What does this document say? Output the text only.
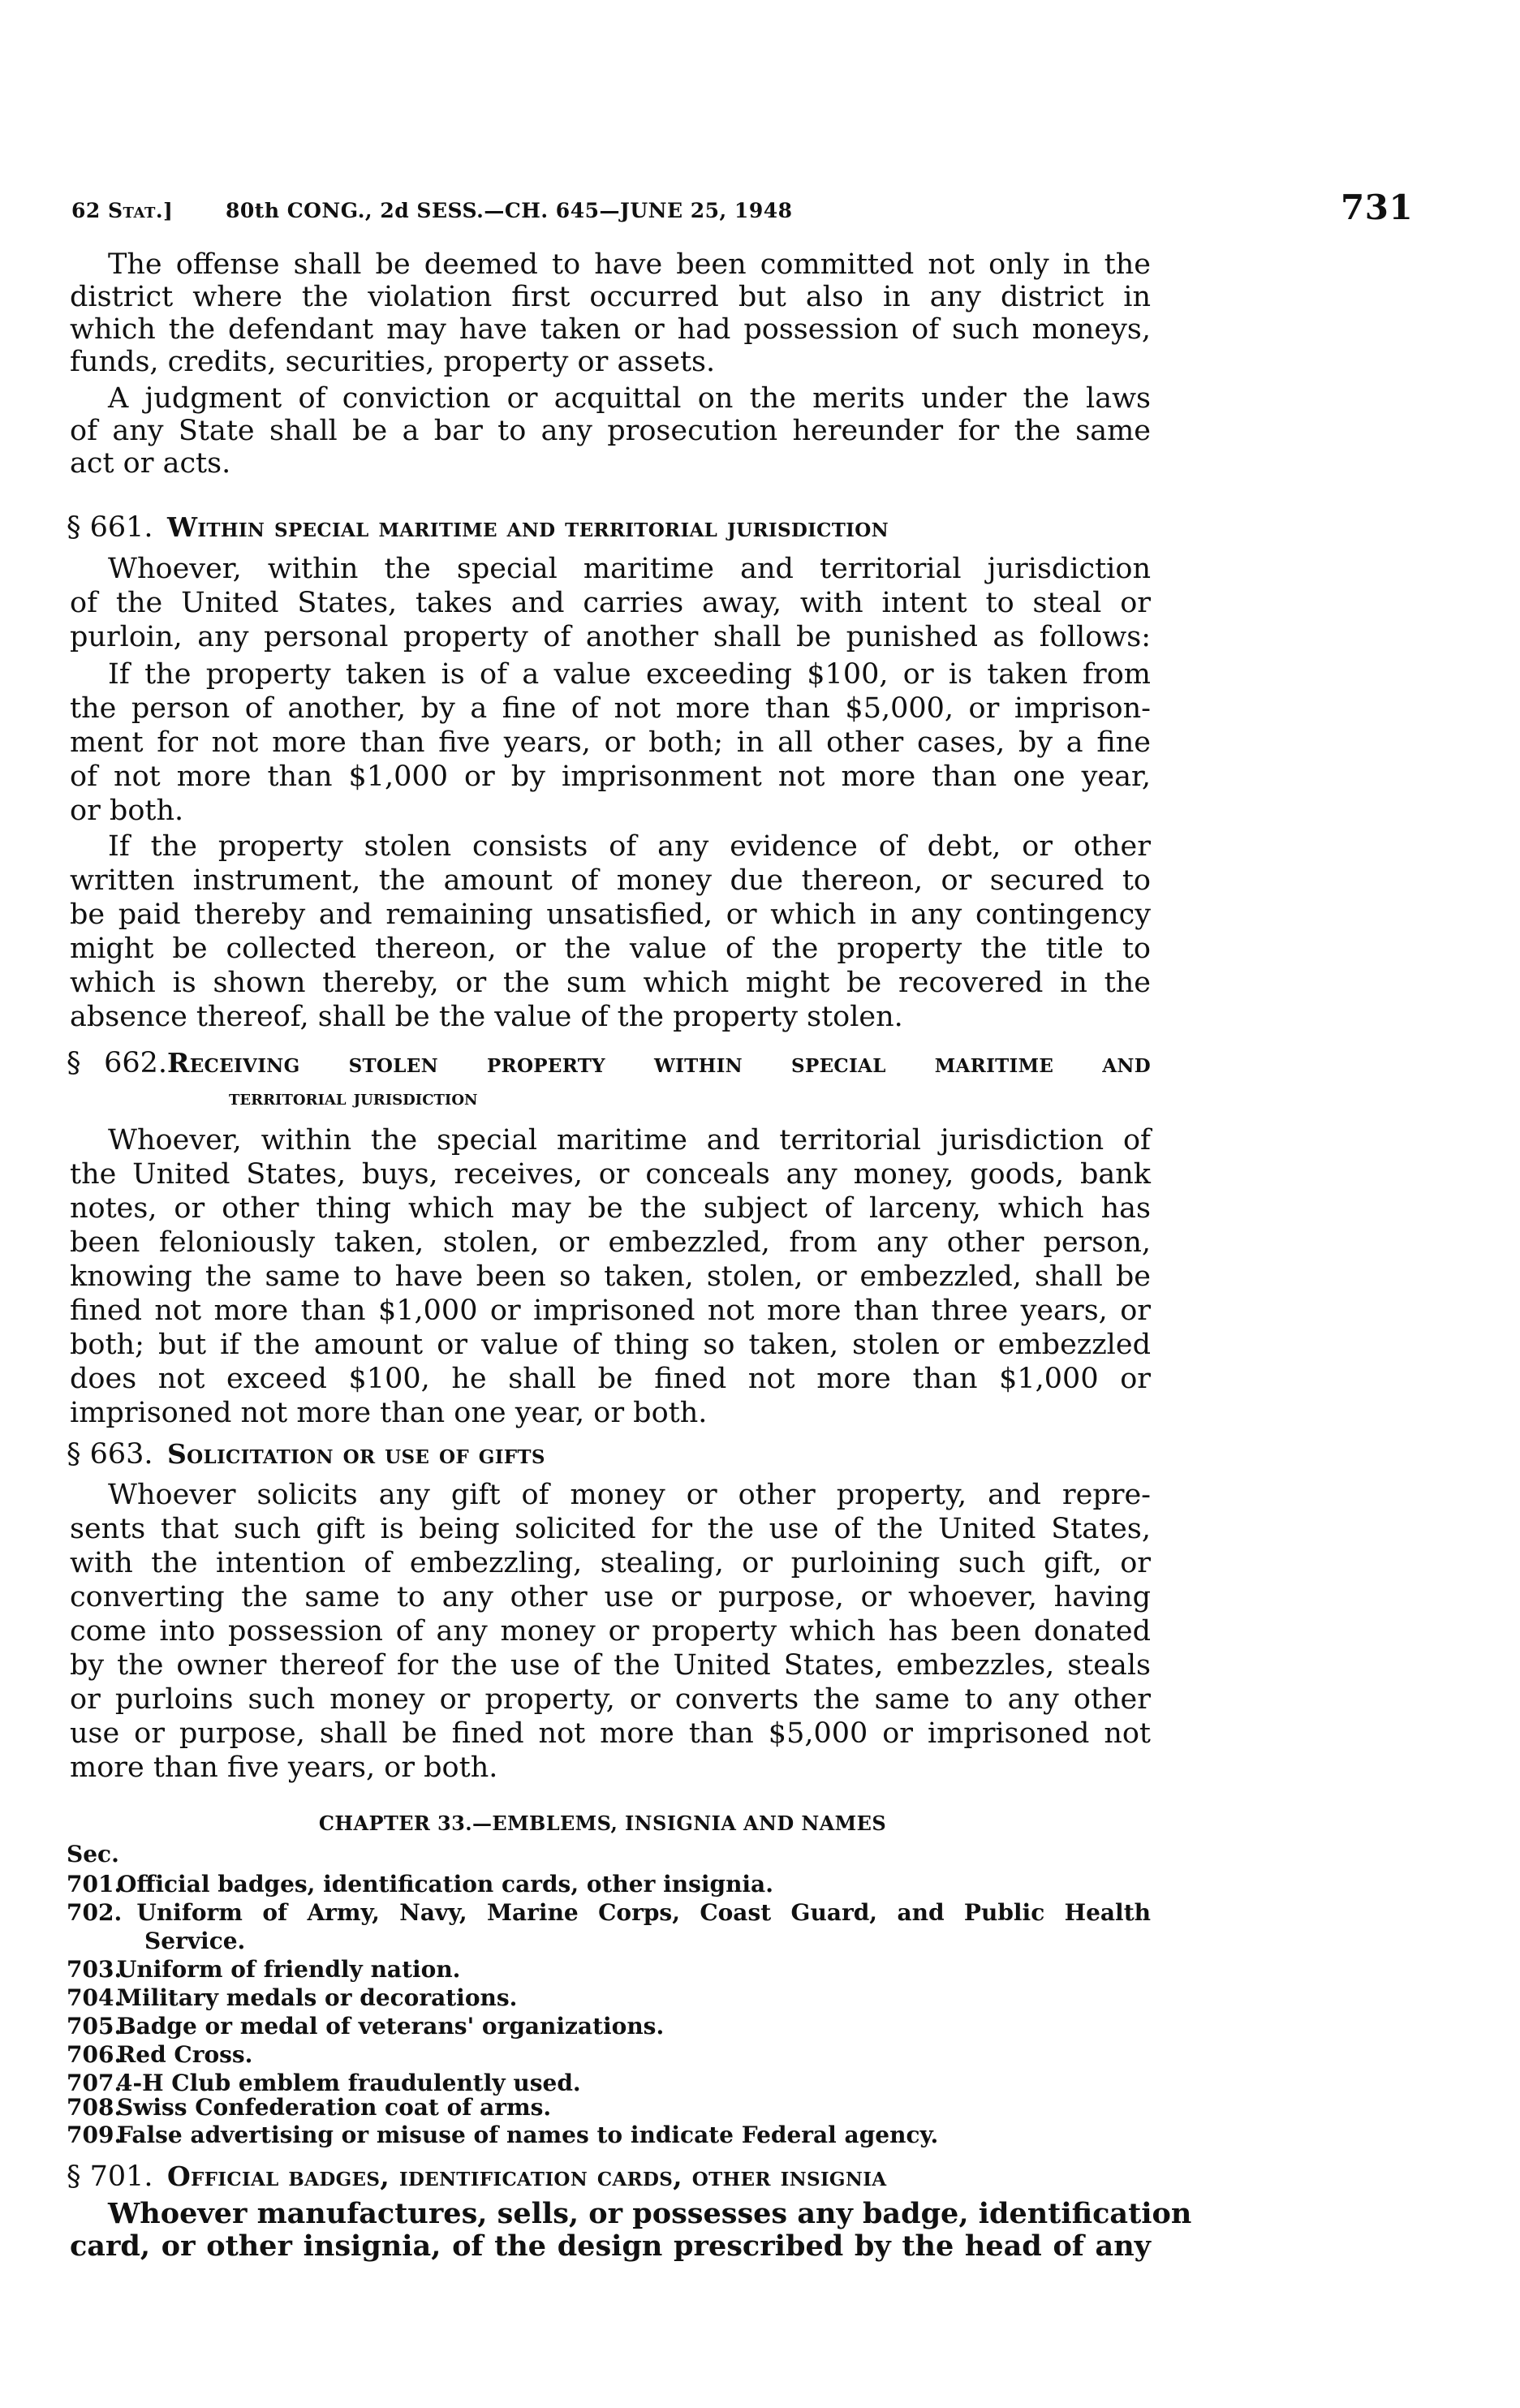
62 Stat.]	80th CONG., 2d SESS.—CH. 645—JUNE 25, 1948	731
The offense shall be deemed to have been committed not only in the
district where the violation first occurred but also in any district in
which the defendant may have taken or had possession of such moneys,
funds, credits, securities, property or assets.
A judgment of conviction or acquittal on the merits under the laws
of any State shall be a bar to any prosecution hereunder for the same
act or acts.
§ 661. Within special maritime and territorial jurisdiction
Whoever, within the special maritime and territorial jurisdiction
of the United States, takes and carries away, with intent to steal or
purloin, any personal property of another shall be punished as follows:
If the property taken is of a value exceeding $100, or is taken from
the person of another, by a fine of not more than $5,000, or imprison-
ment for not more than five years, or both; in all other cases, by a fine
of not more than $1,000 or by imprisonment not more than one year,
or both.
If the property stolen consists of any evidence of debt, or other
written instrument, the amount of money due thereon, or secured to
be paid thereby and remaining unsatisfied, or which in any contingency
might be collected thereon, or the value of the property the title to
which is shown thereby, or the sum which might be recovered in the
absence thereof, shall be the value of the property stolen.
§ 662.Receiving stolen property within special maritime and
territorial jurisdiction
Whoever, within the special maritime and territorial jurisdiction of
the United States, buys, receives, or conceals any money, goods, bank
notes, or other thing which may be the subject of larceny, which has
been feloniously taken, stolen, or embezzled, from any other person,
knowing the same to have been so taken, stolen, or embezzled, shall be
fined not more than $1,000 or imprisoned not more than three years, or
both; but if the amount or value of thing so taken, stolen or embezzled
does not exceed $100, he shall be fined not more than $1,000 or
imprisoned not more than one year, or both.
§ 663. Solicitation or use of gifts
Whoever solicits any gift of money or other property, and repre-
sents that such gift is being solicited for the use of the United States,
with the intention of embezzling, stealing, or purloining such gift, or
converting the same to any other use or purpose, or whoever, having
come into possession of any money or property which has been donated
by the owner thereof for the use of the United States, embezzles, steals
or purloins such money or property, or converts the same to any other
use or purpose, shall be fined not more than $5,000 or imprisoned not
more than five years, or both.
CHAPTER 33.—EMBLEMS, INSIGNIA AND NAMES
Sec.
701.Official badges, identification cards, other insignia.
702. Uniform of Army, Navy, Marine Corps, Coast Guard, and Public Health
Service.
703.Uniform of friendly nation.
704.Military medals or decorations.
705.Badge or medal of veterans' organizations.
706.Red Cross.
707.4-H Club emblem fraudulently used.
708.Swiss Confederation coat of arms.
709.False advertising or misuse of names to indicate Federal agency.
§ 701. Official badges, identification cards, other insignia
Whoever manufactures, sells, or possesses any badge, identification
card, or other insignia, of the design prescribed by the head of any
